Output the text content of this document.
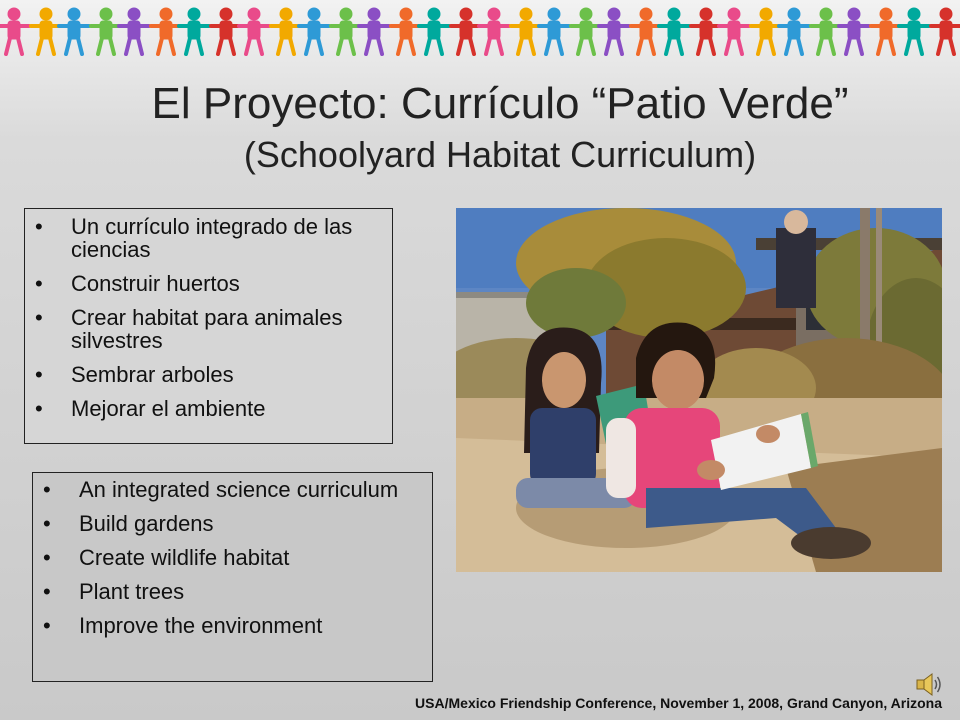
El Proyecto: Currículo “Patio Verde”
(Schoolyard Habitat Curriculum)
• Un currículo integrado de las ciencias
• Construir huertos
• Crear habitat para animales silvestres
• Sembrar arboles
• Mejorar el ambiente
• An integrated science curriculum
• Build gardens
• Create wildlife habitat
• Plant trees
• Improve the environment
USA/Mexico Friendship Conference, November 1, 2008, Grand Canyon, Arizona
